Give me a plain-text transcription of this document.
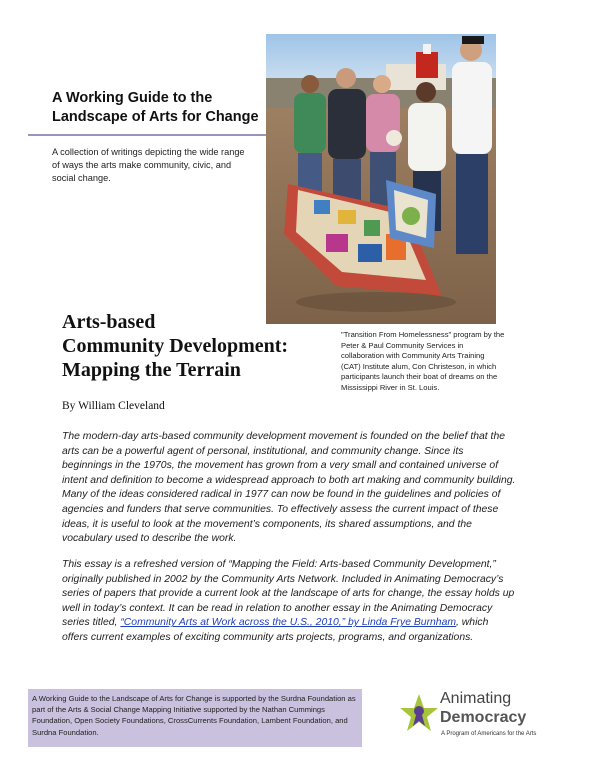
A Working Guide to the Landscape of Arts for Change

A collection of writings depicting the wide range of ways the arts make community, civic, and social change.

Arts-based
Community Development:
Mapping the Terrain

"Transition From Homelessness" program by the Peter & Paul Community Services in collaboration with Community Arts Training (CAT) Institute alum, Con Christeson, in which participants launch their boat of dreams on the Mississippi River in St. Louis.

By William Cleveland

The modern-day arts-based community development movement is founded on the belief that the arts can be a powerful agent of personal, institutional, and community change. Since its beginnings in the 1970s, the movement has grown from a very small and contained universe of intent and definition to become a widespread approach to both art making and community building. Many of the ideas considered radical in 1977 can now be found in the guidelines and policies of agencies and funders that serve communities. To effectively assess the current impact of these ideas, it is useful to look at the movement’s components, its shared assumptions, and the vocabulary used to describe the work.

This essay is a refreshed version of “Mapping the Field: Arts-based Community Development,” originally published in 2002 by the Community Arts Network. Included in Animating Democracy’s series of papers that provide a current look at the landscape of arts for change, the essay holds up well in today’s context. It can be read in relation to another essay in the Animating Democracy series titled, “Community Arts at Work across the U.S., 2010,” by Linda Frye Burnham, which offers current examples of exciting community arts projects, programs, and organizations.

A Working Guide to the Landscape of Arts for Change is supported by the Surdna Foundation as part of the Arts & Social Change Mapping Initiative supported by the Nathan Cummings Foundation, Open Society Foundations, CrossCurrents Foundation, Lambent Foundation, and Surdna Foundation.

Animating
Democracy
A Program of Americans for the Arts
